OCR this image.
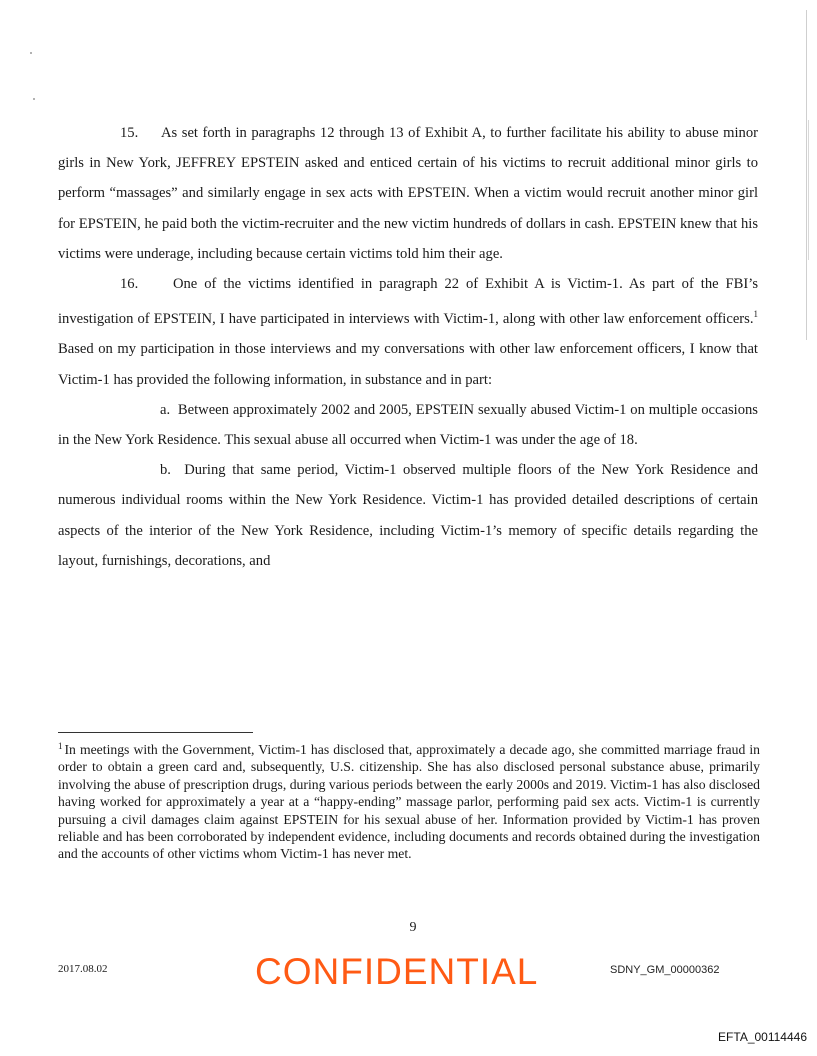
15. As set forth in paragraphs 12 through 13 of Exhibit A, to further facilitate his ability to abuse minor girls in New York, JEFFREY EPSTEIN asked and enticed certain of his victims to recruit additional minor girls to perform “massages” and similarly engage in sex acts with EPSTEIN. When a victim would recruit another minor girl for EPSTEIN, he paid both the victim-recruiter and the new victim hundreds of dollars in cash. EPSTEIN knew that his victims were underage, including because certain victims told him their age.

16. One of the victims identified in paragraph 22 of Exhibit A is Victim-1. As part of the FBI’s investigation of EPSTEIN, I have participated in interviews with Victim-1, along with other law enforcement officers.$^1$ Based on my participation in those interviews and my conversations with other law enforcement officers, I know that Victim-1 has provided the following information, in substance and in part:

a. Between approximately 2002 and 2005, EPSTEIN sexually abused Victim-1 on multiple occasions in the New York Residence. This sexual abuse all occurred when Victim-1 was under the age of 18.

b. During that same period, Victim-1 observed multiple floors of the New York Residence and numerous individual rooms within the New York Residence. Victim-1 has provided detailed descriptions of certain aspects of the interior of the New York Residence, including Victim-1’s memory of specific details regarding the layout, furnishings, decorations, and

$^1$ In meetings with the Government, Victim-1 has disclosed that, approximately a decade ago, she committed marriage fraud in order to obtain a green card and, subsequently, U.S. citizenship. She has also disclosed personal substance abuse, primarily involving the abuse of prescription drugs, during various periods between the early 2000s and 2019. Victim-1 has also disclosed having worked for approximately a year at a “happy-ending” massage parlor, performing paid sex acts. Victim-1 is currently pursuing a civil damages claim against EPSTEIN for his sexual abuse of her. Information provided by Victim-1 has proven reliable and has been corroborated by independent evidence, including documents and records obtained during the investigation and the accounts of other victims whom Victim-1 has never met.
9
2017.08.02	CONFIDENTIAL	SDNY_GM_00000362
EFTA_00114446
